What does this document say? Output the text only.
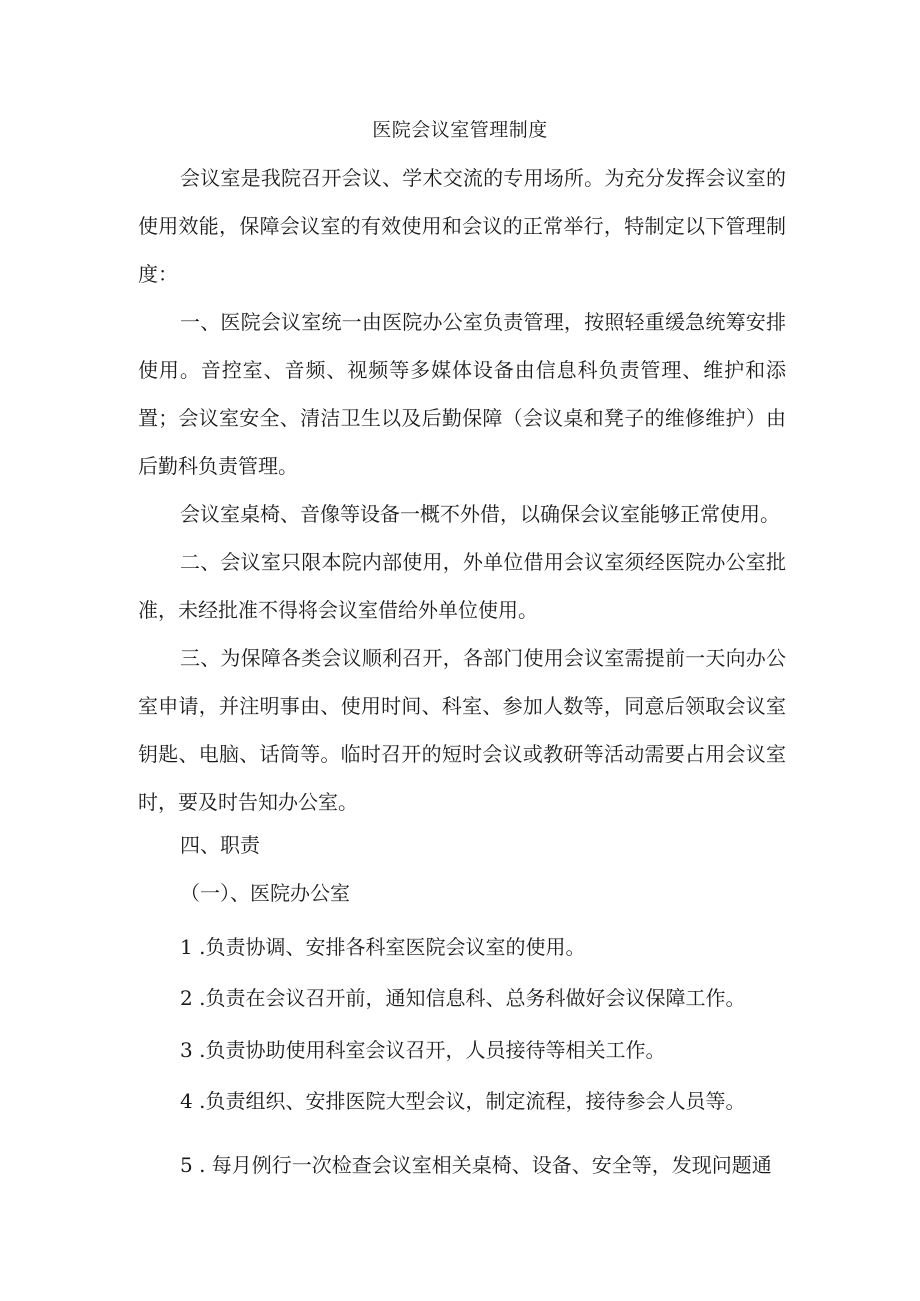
医院会议室管理制度

会议室是我院召开会议、学术交流的专用场所。为充分发挥会议室的使用效能，保障会议室的有效使用和会议的正常举行，特制定以下管理制度：

一、医院会议室统一由医院办公室负责管理，按照轻重缓急统筹安排使用。音控室、音频、视频等多媒体设备由信息科负责管理、维护和添置；会议室安全、清洁卫生以及后勤保障（会议桌和凳子的维修维护）由后勤科负责管理。

会议室桌椅、音像等设备一概不外借，以确保会议室能够正常使用。

二、会议室只限本院内部使用，外单位借用会议室须经医院办公室批准，未经批准不得将会议室借给外单位使用。

三、为保障各类会议顺利召开，各部门使用会议室需提前一天向办公室申请，并注明事由、使用时间、科室、参加人数等，同意后领取会议室钥匙、电脑、话筒等。临时召开的短时会议或教研等活动需要占用会议室时，要及时告知办公室。

四、职责
（一）、医院办公室
1 .负责协调、安排各科室医院会议室的使用。
2 .负责在会议召开前，通知信息科、总务科做好会议保障工作。
3 .负责协助使用科室会议召开，人员接待等相关工作。
4 .负责组织、安排医院大型会议，制定流程，接待参会人员等。
5 . 每月例行一次检查会议室相关桌椅、设备、安全等，发现问题通
